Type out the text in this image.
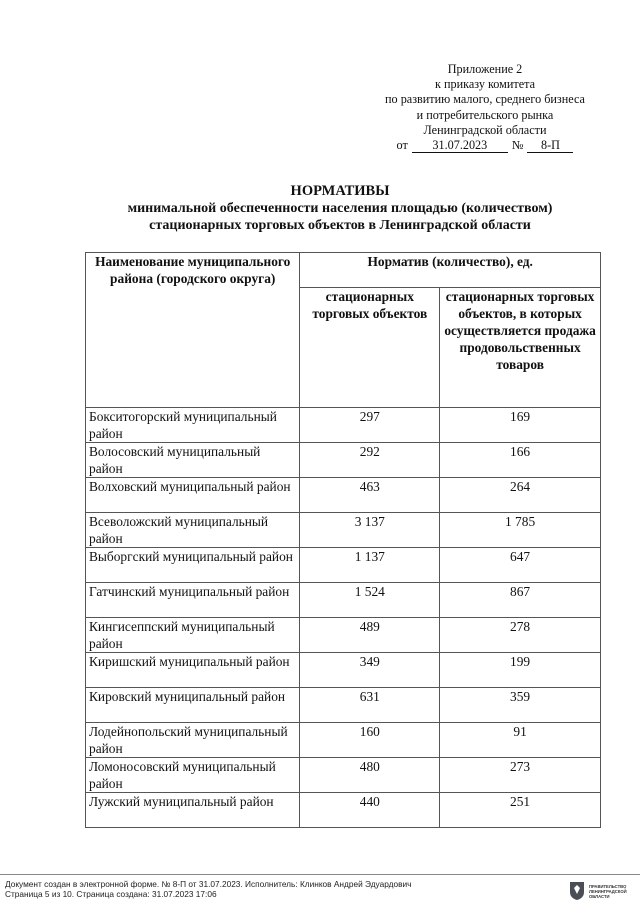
Приложение 2
к приказу комитета
по развитию малого, среднего бизнеса
и потребительского рынка
Ленинградской области
от	31.07.2023	№	8-П
НОРМАТИВЫ
минимальной обеспеченности населения площадью (количеством)
стационарных торговых объектов в Ленинградской области
Наименование муниципального района (городского округа)	Норматив (количество), ед.	
	стационарных торговых объектов	стационарных торговых объектов, в которых осуществляется продажа продовольственных товаров
Бокситогорский муниципальный район	297	169
Волосовский муниципальный район	292	166
Волховский муниципальный район	463	264
Всеволожский муниципальный район	3 137	1 785
Выборгский муниципальный район	1 137	647
Гатчинский муниципальный район	1 524	867
Кингисеппский муниципальный район	489	278
Киришский муниципальный район	349	199
Кировский муниципальный район	631	359
Лодейнопольский муниципальный район	160	91
Ломоносовский муниципальный район	480	273
Лужский муниципальный район	440	251
Документ создан в электронной форме. № 8-П от 31.07.2023. Исполнитель: Клинков Андрей Эдуардович
Страница 5 из 10. Страница создана: 31.07.2023 17:06
ПРАВИТЕЛЬСТВО ЛЕНИНГРАДСКОЙ ОБЛАСТИ
